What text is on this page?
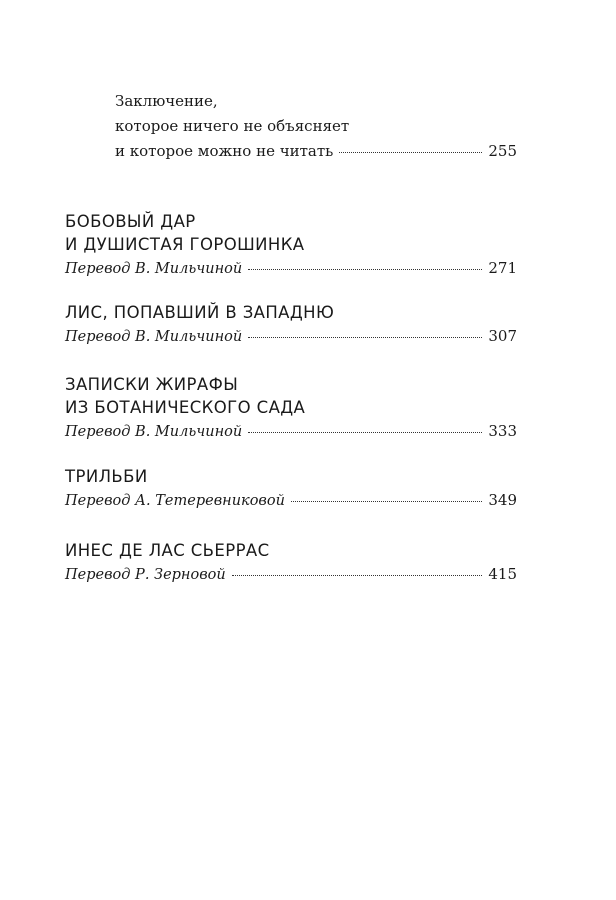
Заключение,
которое ничего не объясняет
и которое можно не читать	255
БОБОВЫЙ ДАР
И ДУШИСТАЯ ГОРОШИНКА
Перевод В. Мильчиной	271
ЛИС, ПОПАВШИЙ В ЗАПАДНЮ
Перевод В. Мильчиной	307
ЗАПИСКИ ЖИРАФЫ
ИЗ БОТАНИЧЕСКОГО САДА
Перевод В. Мильчиной	333
ТРИЛЬБИ
Перевод А. Тетеревниковой	349
ИНЕС ДЕ ЛАС СЬЕРРАС
Перевод Р. Зерновой	415
